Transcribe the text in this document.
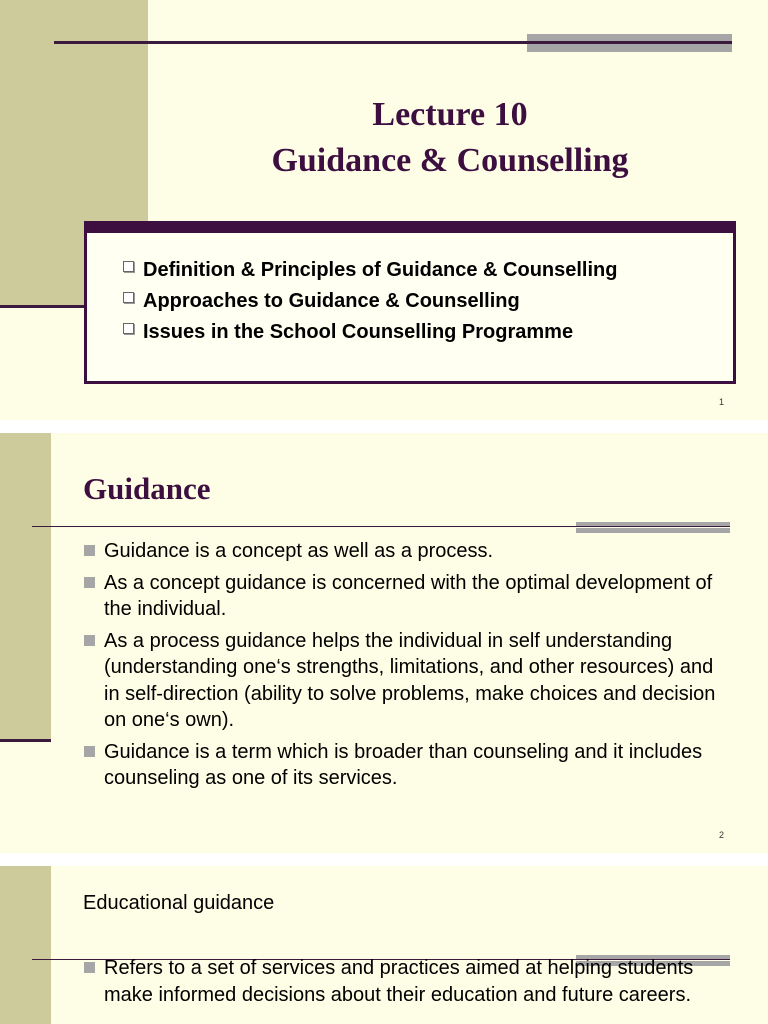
Lecture 10
Guidance & Counselling
Definition & Principles of Guidance & Counselling
Approaches to Guidance & Counselling
Issues in the School Counselling Programme
1
Guidance
Guidance is a concept as well as a process.
As a concept guidance is concerned with the optimal development of the individual.
As a process guidance helps the individual in self understanding (understanding one‘s strengths, limitations, and other resources) and in self-direction (ability to solve problems, make choices and decision on one‘s own).
Guidance is a term which is broader than counseling and it includes counseling as one of its services.
2
Educational guidance
Refers to a set of services and practices aimed at helping students make informed decisions about their education and future careers.
